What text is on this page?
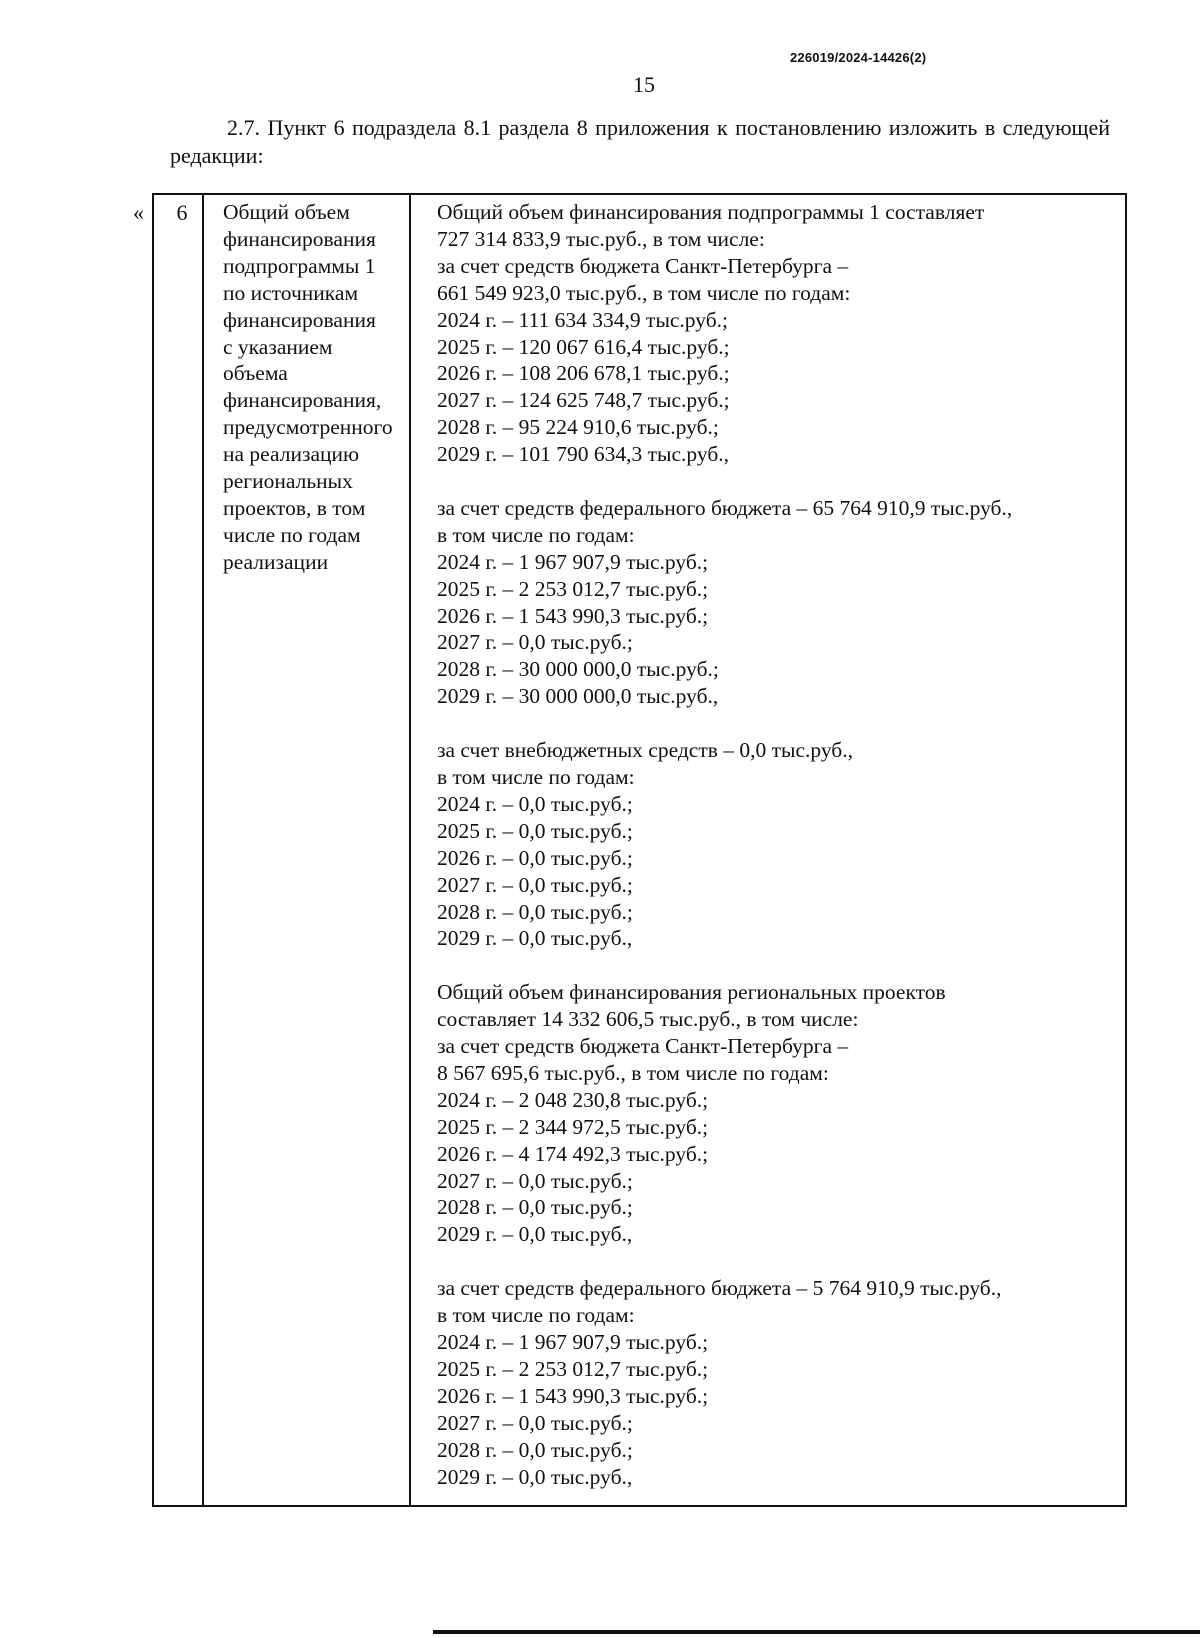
226019/2024-14426(2)
15
2.7. Пункт 6 подраздела 8.1 раздела 8 приложения к постановлению изложить в следующей редакции:
«	6	Общий объем
финансирования
подпрограммы 1
по источникам
финансирования
с указанием
объема
финансирования,
предусмотренного
на реализацию
региональных
проектов, в том
числе по годам
реализации
Общий объем финансирования подпрограммы 1 составляет
727 314 833,9 тыс.руб., в том числе:
за счет средств бюджета Санкт-Петербурга –
661 549 923,0 тыс.руб., в том числе по годам:
2024 г. – 111 634 334,9 тыс.руб.;
2025 г. – 120 067 616,4 тыс.руб.;
2026 г. – 108 206 678,1 тыс.руб.;
2027 г. – 124 625 748,7 тыс.руб.;
2028 г. – 95 224 910,6 тыс.руб.;
2029 г. – 101 790 634,3 тыс.руб.,
за счет средств федерального бюджета – 65 764 910,9 тыс.руб.,
в том числе по годам:
2024 г. – 1 967 907,9 тыс.руб.;
2025 г. – 2 253 012,7 тыс.руб.;
2026 г. – 1 543 990,3 тыс.руб.;
2027 г. – 0,0 тыс.руб.;
2028 г. – 30 000 000,0 тыс.руб.;
2029 г. – 30 000 000,0 тыс.руб.,
за счет внебюджетных средств – 0,0 тыс.руб.,
в том числе по годам:
2024 г. – 0,0 тыс.руб.;
2025 г. – 0,0 тыс.руб.;
2026 г. – 0,0 тыс.руб.;
2027 г. – 0,0 тыс.руб.;
2028 г. – 0,0 тыс.руб.;
2029 г. – 0,0 тыс.руб.,
Общий объем финансирования региональных проектов
составляет 14 332 606,5 тыс.руб., в том числе:
за счет средств бюджета Санкт-Петербурга –
8 567 695,6 тыс.руб., в том числе по годам:
2024 г. – 2 048 230,8 тыс.руб.;
2025 г. – 2 344 972,5 тыс.руб.;
2026 г. – 4 174 492,3 тыс.руб.;
2027 г. – 0,0 тыс.руб.;
2028 г. – 0,0 тыс.руб.;
2029 г. – 0,0 тыс.руб.,
за счет средств федерального бюджета – 5 764 910,9 тыс.руб.,
в том числе по годам:
2024 г. – 1 967 907,9 тыс.руб.;
2025 г. – 2 253 012,7 тыс.руб.;
2026 г. – 1 543 990,3 тыс.руб.;
2027 г. – 0,0 тыс.руб.;
2028 г. – 0,0 тыс.руб.;
2029 г. – 0,0 тыс.руб.,
